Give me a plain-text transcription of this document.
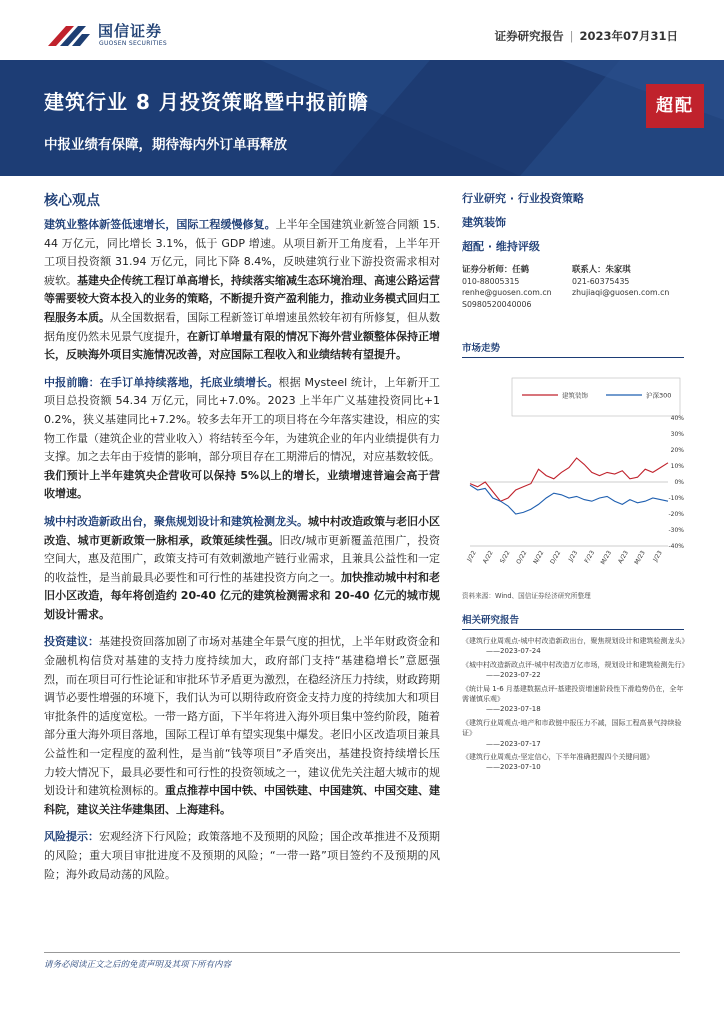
国信证券
GUOSEN SECURITIES
证券研究报告 | 2023年07月31日
建筑行业 8 月投资策略暨中报前瞻
中报业绩有保障，期待海内外订单再释放
超配
核心观点

建筑业整体新签低速增长，国际工程缓慢修复。上半年全国建筑业新签合同额 15.44 万亿元，同比增长 3.1%，低于 GDP 增速。从项目新开工角度看，上半年开工项目投资额 31.94 万亿元，同比下降 8.4%，反映建筑行业下游投资需求相对疲软。基建央企传统工程订单高增长，持续落实缩减生态环境治理、高速公路运营等需要较大资本投入的业务的策略，不断提升资产盈利能力，推动业务模式回归工程服务本质。从全国数据看，国际工程新签订单增速虽然较年初有所修复，但从数据角度仍然未见景气度提升，在新订单增量有限的情况下海外营业额整体保持正增长，反映海外项目实施情况改善，对应国际工程收入和业绩结转有望提升。

中报前瞻：在手订单持续落地，托底业绩增长。根据 Mysteel 统计，上年新开工项目总投资额 54.34 万亿元，同比+7.0%。2023 上半年广义基建投资同比+10.2%，狭义基建同比+7.2%。较多去年开工的项目将在今年落实建设，相应的实物工作量（建筑企业的营业收入）将结转至今年，为建筑企业的年内业绩提供有力支撑。加之去年由于疫情的影响，部分项目存在工期滞后的情况，对应基数较低。我们预计上半年建筑央企营收可以保持 5%以上的增长，业绩增速普遍会高于营收增速。

城中村改造新政出台，聚焦规划设计和建筑检测龙头。城中村改造政策与老旧小区改造、城市更新政策一脉相承，政策延续性强。旧改/城市更新覆盖范围广，投资空间大，惠及范围广，政策支持可有效刺激地产链行业需求，且兼具公益性和一定的收益性，是当前最具必要性和可行性的基建投资方向之一。加快推动城中村和老旧小区改造，每年将创造约 20-40 亿元的建筑检测需求和 20-40 亿元的城市规划设计需求。

投资建议：基建投资回落加剧了市场对基建全年景气度的担忧，上半年财政资金和金融机构信贷对基建的支持力度持续加大，政府部门支持“基建稳增长”意愿强烈，而在项目可行性论证和审批环节矛盾更为激烈，在稳经济压力持续，财政跨期调节必要性增强的环境下，我们认为可以期待政府资金支持力度的持续加大和项目审批条件的适度宽松。一带一路方面，下半年将进入海外项目集中签约阶段，随着部分重大海外项目落地，国际工程订单有望实现集中爆发。老旧小区改造项目兼具公益性和一定程度的盈利性，是当前“钱等项目”矛盾突出，基建投资持续增长压力较大情况下，最具必要性和可行性的投资领域之一，建议优先关注超大城市的规划设计和建筑检测标的。重点推荐中国中铁、中国铁建、中国建筑、中国交建、建科院，建议关注华建集团、上海建科。

风险提示：宏观经济下行风险；政策落地不及预期的风险；国企改革推进不及预期的风险；重大项目审批进度不及预期的风险；“一带一路”项目签约不及预期的风险；海外政局动荡的风险。

行业研究 · 行业投资策略
建筑装饰
超配 · 维持评级
证券分析师：任鹤
010-88005315
renhe@guosen.com.cn
S0980520040006
联系人：朱家琪
021-60375435
zhujiaqi@guosen.com.cn
市场走势
建筑装饰	沪深300
40%
30%
20%
10%
0%
-10%
-20%
-30%
-40%
J/22 A/22 S/22 O/22 N/22 D/22 J/23 F/23 M/23 A/23 M/23 J/23
资料来源：Wind、国信证券经济研究所整理
相关研究报告
《建筑行业周观点-城中村改造新政出台，聚焦规划设计和建筑检测龙头》
——2023-07-24
《城中村改造新政点评-城中村改造万亿市场，规划设计和建筑检测先行》
——2023-07-22
《统计局 1-6 月基建数据点评-基建投资增速阶段性下滑趋势仍在，全年需谨慎乐观》
——2023-07-18
《建筑行业周观点-地产和市政链中报压力不减，国际工程高景气持续验证》
——2023-07-17
《建筑行业周观点-坚定信心，下半年准确把握四个关键问题》
——2023-07-10
请务必阅读正文之后的免责声明及其项下所有内容
